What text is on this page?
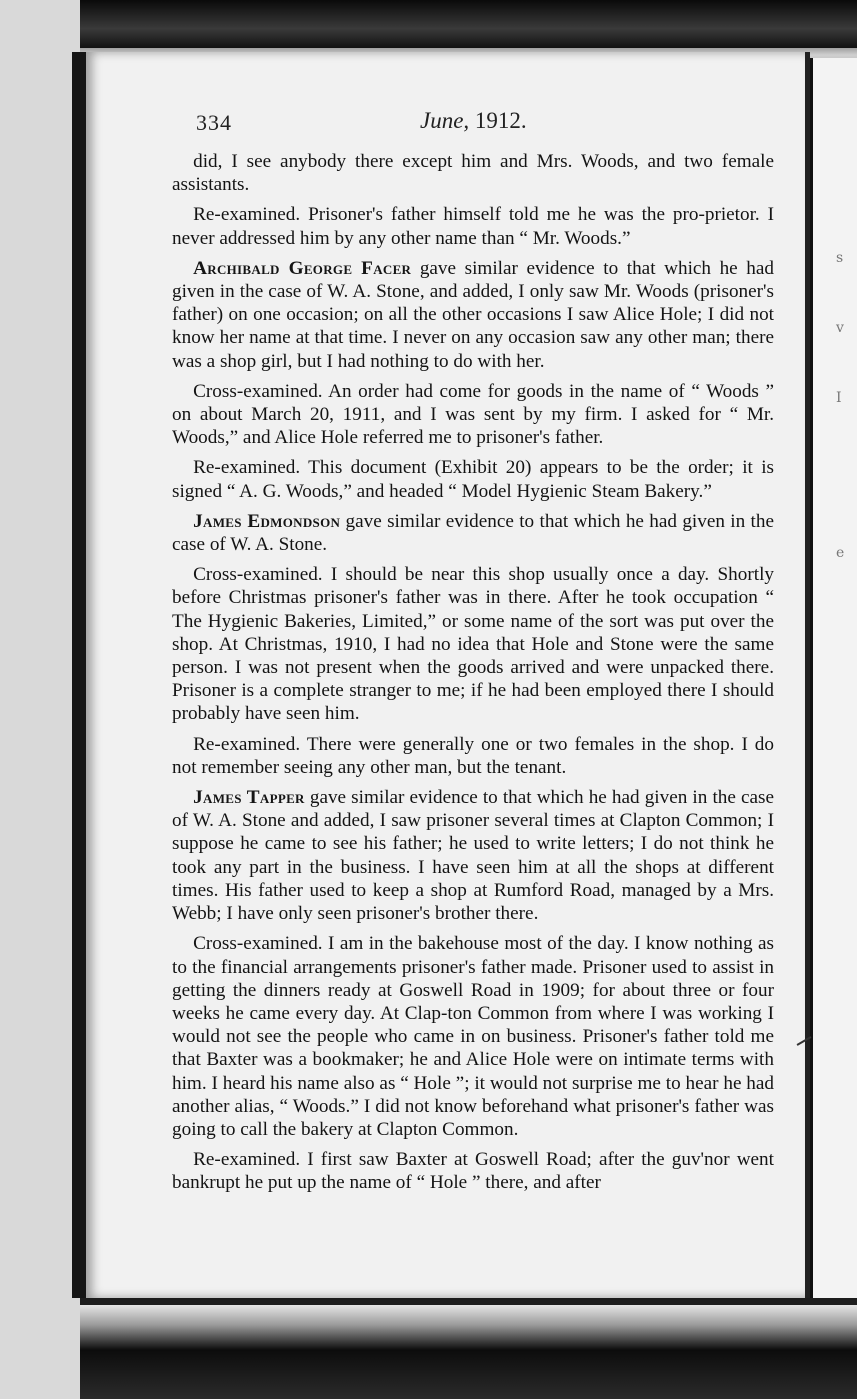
s
v
I
e
334	June, 1912.

did, I see anybody there except him and Mrs. Woods, and two female assistants.

Re-examined. Prisoner's father himself told me he was the pro-prietor. I never addressed him by any other name than “ Mr. Woods.”

Archibald George Facer gave similar evidence to that which he had given in the case of W. A. Stone, and added, I only saw Mr. Woods (prisoner's father) on one occasion; on all the other occasions I saw Alice Hole; I did not know her name at that time. I never on any occasion saw any other man; there was a shop girl, but I had nothing to do with her.

Cross-examined. An order had come for goods in the name of “ Woods ” on about March 20, 1911, and I was sent by my firm. I asked for “ Mr. Woods,” and Alice Hole referred me to prisoner's father.

Re-examined. This document (Exhibit 20) appears to be the order; it is signed “ A. G. Woods,” and headed “ Model Hygienic Steam Bakery.”

James Edmondson gave similar evidence to that which he had given in the case of W. A. Stone.

Cross-examined. I should be near this shop usually once a day. Shortly before Christmas prisoner's father was in there. After he took occupation “ The Hygienic Bakeries, Limited,” or some name of the sort was put over the shop. At Christmas, 1910, I had no idea that Hole and Stone were the same person. I was not present when the goods arrived and were unpacked there. Prisoner is a complete stranger to me; if he had been employed there I should probably have seen him.

Re-examined. There were generally one or two females in the shop. I do not remember seeing any other man, but the tenant.

James Tapper gave similar evidence to that which he had given in the case of W. A. Stone and added, I saw prisoner several times at Clapton Common; I suppose he came to see his father; he used to write letters; I do not think he took any part in the business. I have seen him at all the shops at different times. His father used to keep a shop at Rumford Road, managed by a Mrs. Webb; I have only seen prisoner's brother there.

Cross-examined. I am in the bakehouse most of the day. I know nothing as to the financial arrangements prisoner's father made. Prisoner used to assist in getting the dinners ready at Goswell Road in 1909; for about three or four weeks he came every day. At Clap-ton Common from where I was working I would not see the people who came in on business. Prisoner's father told me that Baxter was a bookmaker; he and Alice Hole were on intimate terms with him. I heard his name also as “ Hole ”; it would not surprise me to hear he had another alias, “ Woods.” I did not know beforehand what prisoner's father was going to call the bakery at Clapton Common.

Re-examined. I first saw Baxter at Goswell Road; after the guv'nor went bankrupt he put up the name of “ Hole ” there, and after
